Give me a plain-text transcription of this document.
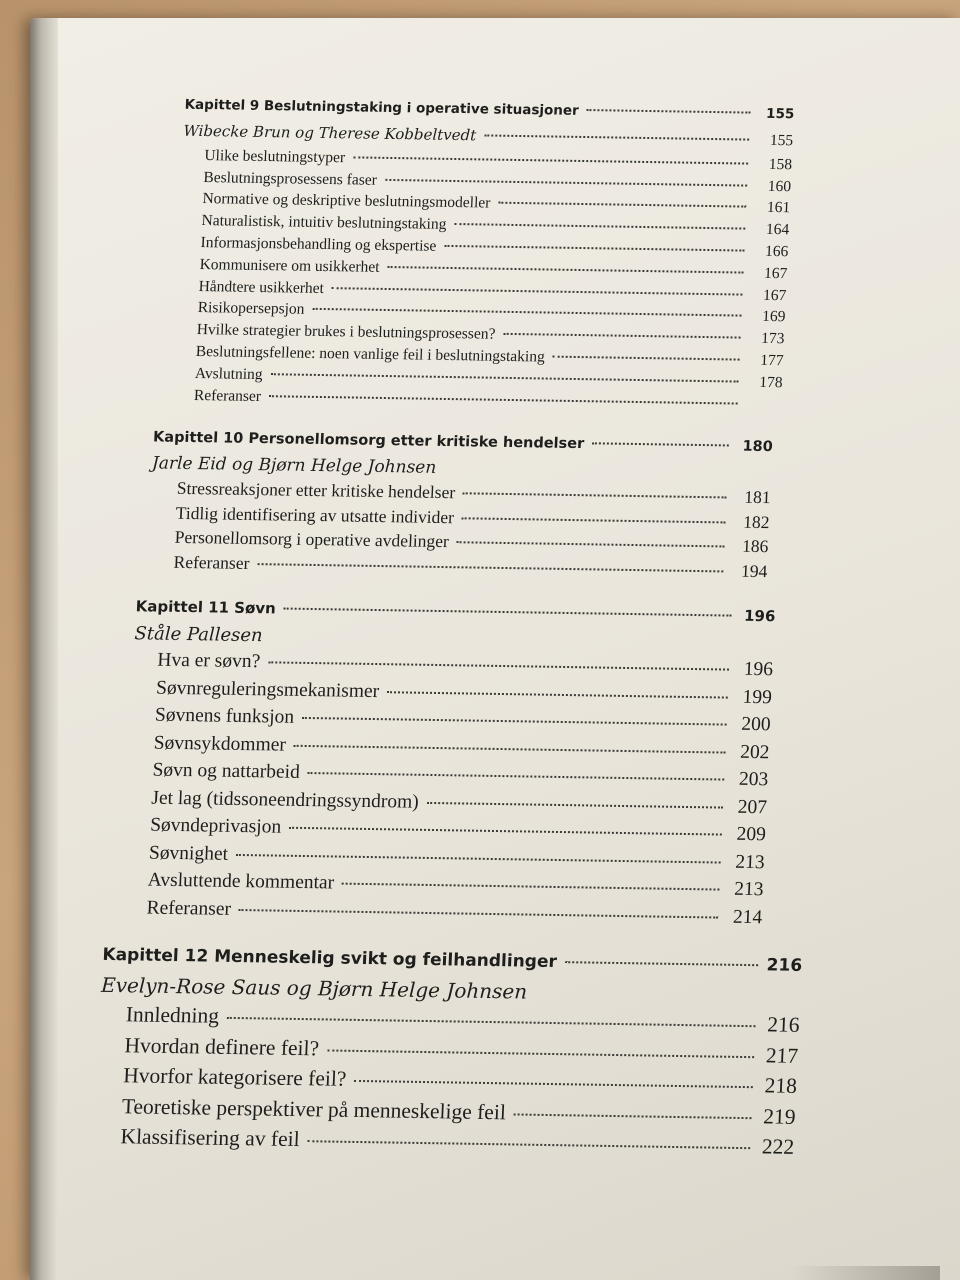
Kapittel 9 Beslutningstaking i operative situasjoner	155
Wibecke Brun og Therese Kobbeltvedt	155
Ulike beslutningstyper	158
Beslutningsprosessens faser	160
Normative og deskriptive beslutningsmodeller	161
Naturalistisk, intuitiv beslutningstaking	164
Informasjonsbehandling og ekspertise	166
Kommunisere om usikkerhet	167
Håndtere usikkerhet	167
Risikopersepsjon	169
Hvilke strategier brukes i beslutningsprosessen?	173
Beslutningsfellene: noen vanlige feil i beslutningstaking	177
Avslutning	178
Referanser
Kapittel 10 Personellomsorg etter kritiske hendelser	180
Jarle Eid og Bjørn Helge Johnsen
Stressreaksjoner etter kritiske hendelser	181
Tidlig identifisering av utsatte individer	182
Personellomsorg i operative avdelinger	186
Referanser	194
Kapittel 11 Søvn	196
Ståle Pallesen
Hva er søvn?	196
Søvnreguleringsmekanismer	199
Søvnens funksjon	200
Søvnsykdommer	202
Søvn og nattarbeid	203
Jet lag (tidssoneendringssyndrom)	207
Søvndeprivasjon	209
Søvnighet	213
Avsluttende kommentar	213
Referanser	214
Kapittel 12 Menneskelig svikt og feilhandlinger	216
Evelyn-Rose Saus og Bjørn Helge Johnsen
Innledning	216
Hvordan definere feil?	217
Hvorfor kategorisere feil?	218
Teoretiske perspektiver på menneskelige feil	219
Klassifisering av feil	222
